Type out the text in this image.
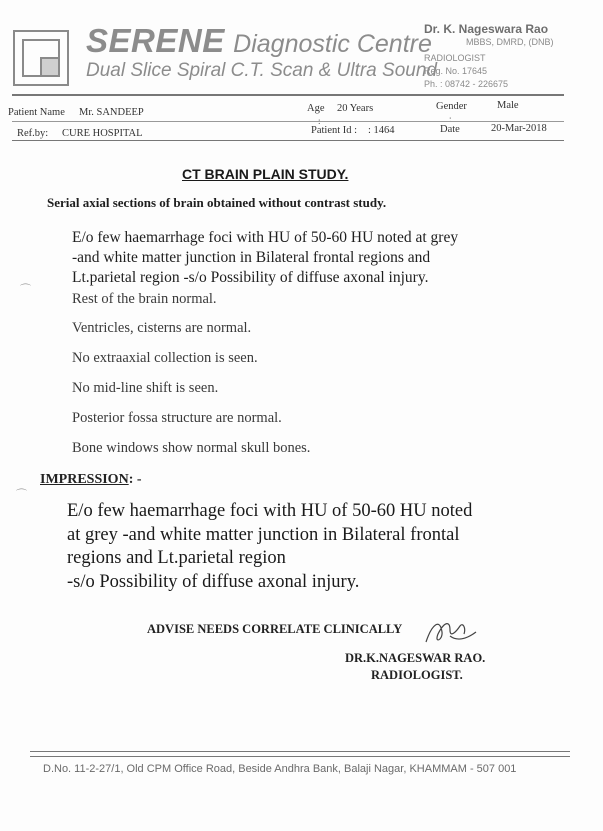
SERENE Diagnostic Centre
Dual Slice Spiral C.T. Scan & Ultra Sound
Dr. K. Nageswara Rao
MBBS, DMRD, (DNB)
RADIOLOGIST
Reg. No. 17645
Ph. : 08742 - 226675
Patient Name Mr. SANDEEP	Age 20 Years	Gender	Male
:	:
Ref.by: CURE HOSPITAL	Patient Id : : 1464	Date	20-Mar-2018
CT BRAIN PLAIN STUDY.
Serial axial sections of brain obtained without contrast study.
E/o few haemarrhage foci with HU of 50-60 HU noted at grey
-and white matter junction in Bilateral frontal regions and
Lt.parietal region -s/o Possibility of diffuse axonal injury.
⌒
Rest of the brain normal.
Ventricles, cisterns are normal.
No extraaxial collection is seen.
No mid-line shift is seen.
Posterior fossa structure are normal.
Bone windows show normal skull bones.
IMPRESSION: -
⌒
E/o few haemarrhage foci with HU of 50-60 HU noted
at grey -and white matter junction in Bilateral frontal
regions and Lt.parietal region
-s/o Possibility of diffuse axonal injury.
ADVISE NEEDS CORRELATE CLINICALLY
DR.K.NAGESWAR RAO.
RADIOLOGIST.
D.No. 11-2-27/1, Old CPM Office Road, Beside Andhra Bank, Balaji Nagar, KHAMMAM - 507 001
